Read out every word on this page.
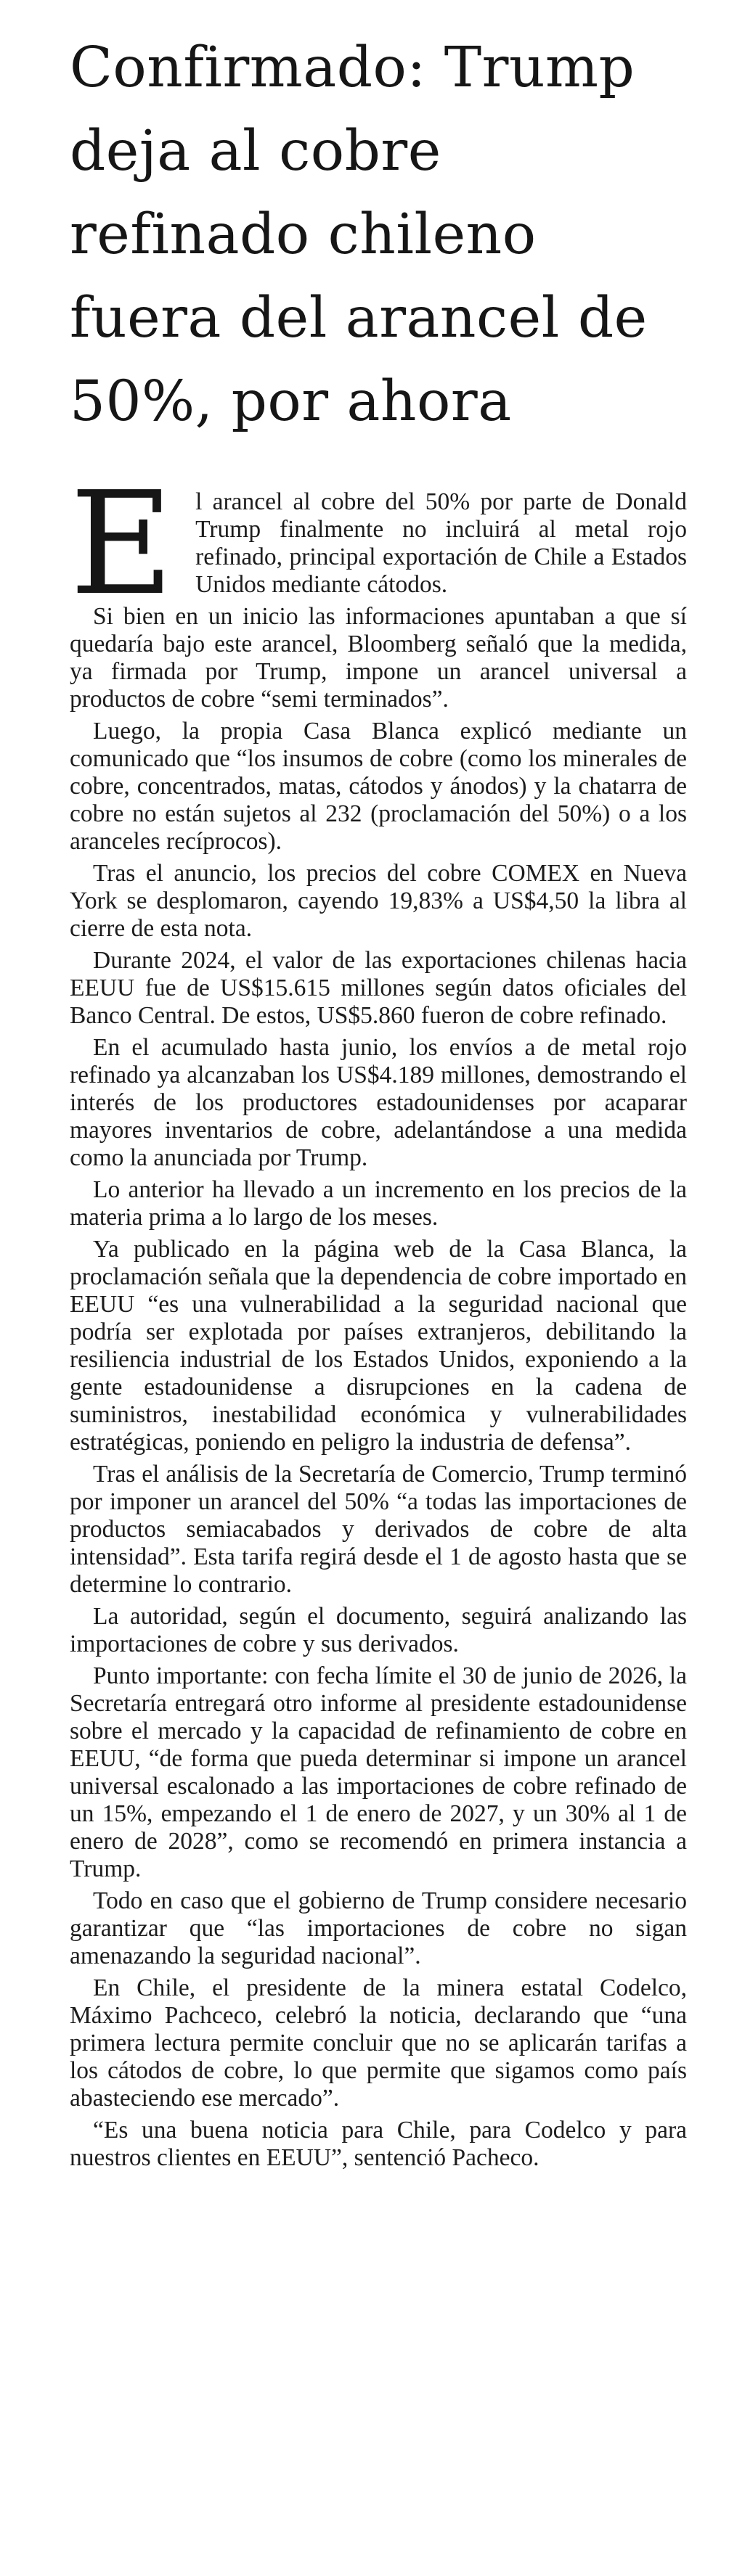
Confirmado: Trump deja al cobre refinado chileno fuera del arancel de 50%, por ahora

El arancel al cobre del 50% por parte de Donald Trump finalmente no incluirá al metal rojo refinado, principal exportación de Chile a Estados Unidos mediante cátodos.

Si bien en un inicio las informaciones apuntaban a que sí quedaría bajo este arancel, Bloomberg señaló que la medida, ya firmada por Trump, impone un arancel universal a productos de cobre “semi terminados”.

Luego, la propia Casa Blanca explicó mediante un comunicado que “los insumos de cobre (como los minerales de cobre, concentrados, matas, cátodos y ánodos) y la chatarra de cobre no están sujetos al 232 (proclamación del 50%) o a los aranceles recíprocos).

Tras el anuncio, los precios del cobre COMEX en Nueva York se desplomaron, cayendo 19,83% a US$4,50 la libra al cierre de esta nota.

Durante 2024, el valor de las exportaciones chilenas hacia EEUU fue de US$15.615 millones según datos oficiales del Banco Central. De estos, US$5.860 fueron de cobre refinado.

En el acumulado hasta junio, los envíos a de metal rojo refinado ya alcanzaban los US$4.189 millones, demostrando el interés de los productores estadounidenses por acaparar mayores inventarios de cobre, adelantándose a una medida como la anunciada por Trump.

Lo anterior ha llevado a un incremento en los precios de la materia prima a lo largo de los meses.

Ya publicado en la página web de la Casa Blanca, la proclamación señala que la dependencia de cobre importado en EEUU “es una vulnerabilidad a la seguridad nacional que podría ser explotada por países extranjeros, debilitando la resiliencia industrial de los Estados Unidos, exponiendo a la gente estadounidense a disrupciones en la cadena de suministros, inestabilidad económica y vulnerabilidades estratégicas, poniendo en peligro la industria de defensa”.

Tras el análisis de la Secretaría de Comercio, Trump terminó por imponer un arancel del 50% “a todas las importaciones de productos semiacabados y derivados de cobre de alta intensidad”. Esta tarifa regirá desde el 1 de agosto hasta que se determine lo contrario.

La autoridad, según el documento, seguirá analizando las importaciones de cobre y sus derivados.

Punto importante: con fecha límite el 30 de junio de 2026, la Secretaría entregará otro informe al presidente estadounidense sobre el mercado y la capacidad de refinamiento de cobre en EEUU, “de forma que pueda determinar si impone un arancel universal escalonado a las importaciones de cobre refinado de un 15%, empezando el 1 de enero de 2027, y un 30% al 1 de enero de 2028”, como se recomendó en primera instancia a Trump.

Todo en caso que el gobierno de Trump considere necesario garantizar que “las importaciones de cobre no sigan amenazando la seguridad nacional”.

En Chile, el presidente de la minera estatal Codelco, Máximo Pachceco, celebró la noticia, declarando que “una primera lectura permite concluir que no se aplicarán tarifas a los cátodos de cobre, lo que permite que sigamos como país abasteciendo ese mercado”.

“Es una buena noticia para Chile, para Codelco y para nuestros clientes en EEUU”, sentenció Pacheco.
